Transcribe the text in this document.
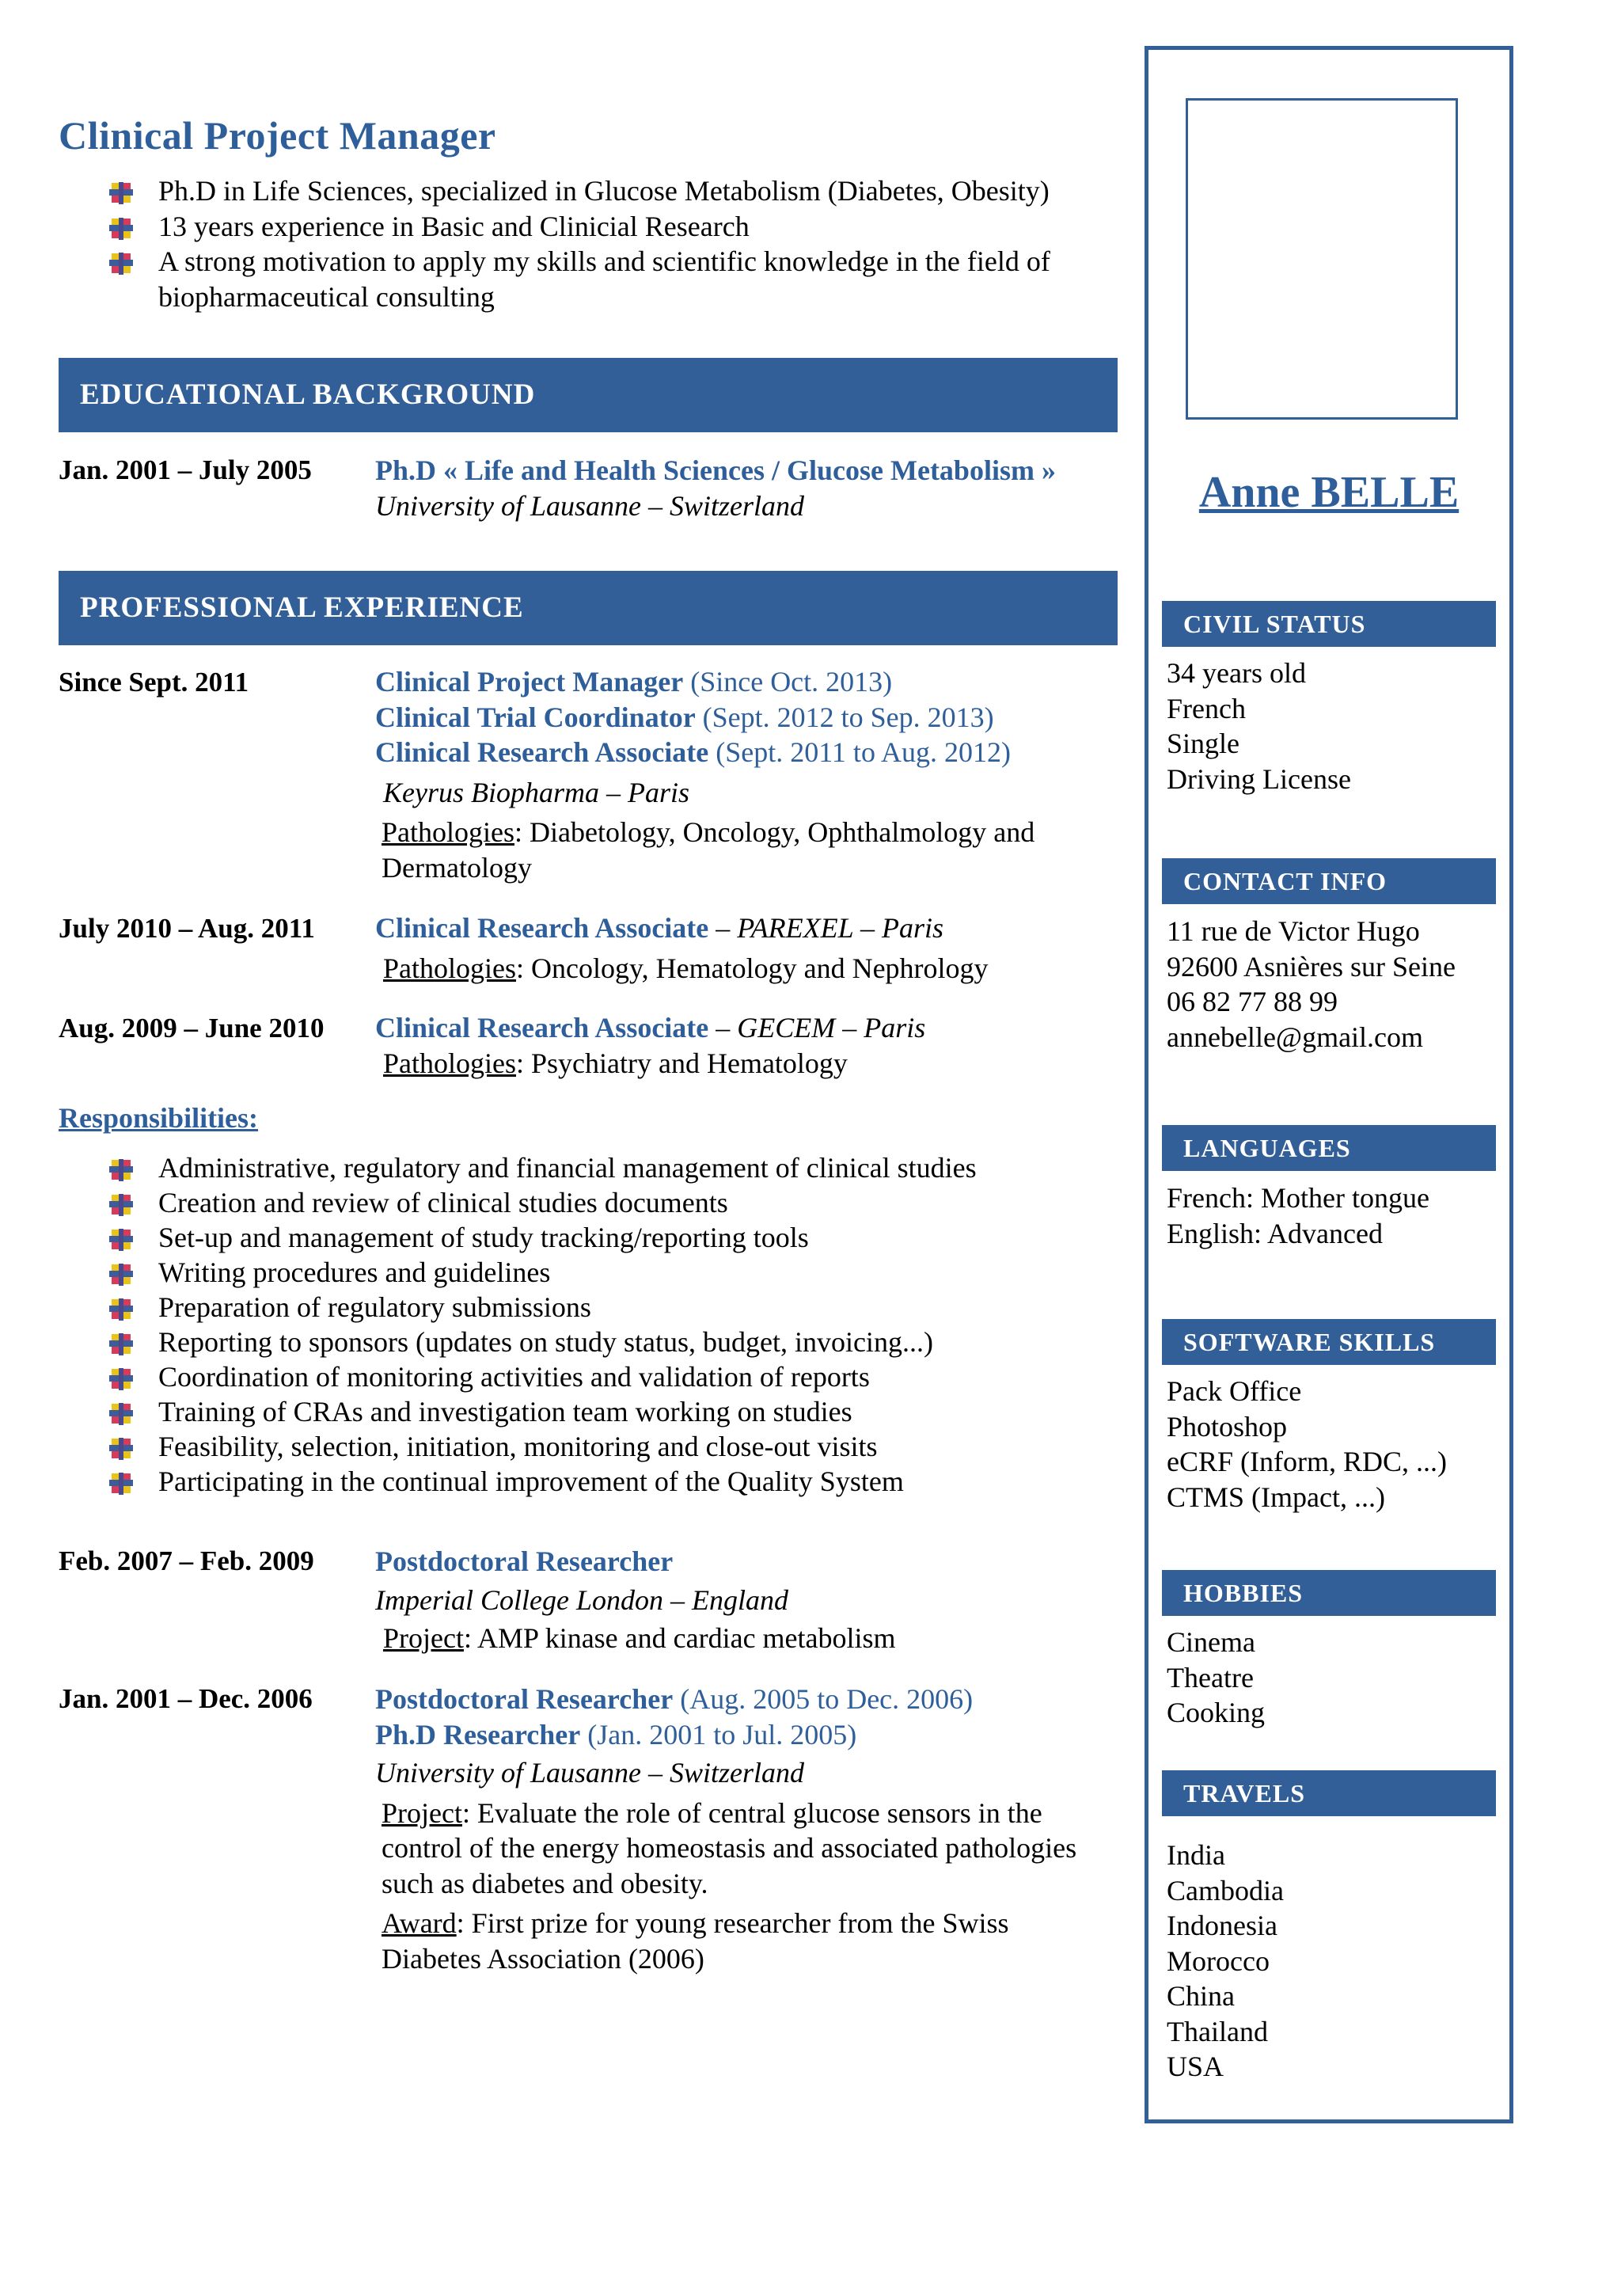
Clinical Project Manager
Ph.D in Life Sciences, specialized in Glucose Metabolism (Diabetes, Obesity)
13 years experience in Basic and Clinicial Research
A strong motivation to apply my skills and scientific knowledge in the field of biopharmaceutical consulting
EDUCATIONAL BACKGROUND
Jan. 2001 – July 2005 Ph.D « Life and Health Sciences / Glucose Metabolism »
University of Lausanne – Switzerland
PROFESSIONAL EXPERIENCE
Since Sept. 2011	Clinical Project Manager (Since Oct. 2013)
Clinical Trial Coordinator (Sept. 2012 to Sep. 2013)
Clinical Research Associate (Sept. 2011 to Aug. 2012)
Keyrus Biopharma – Paris
Pathologies: Diabetology, Oncology, Ophthalmology and Dermatology
July 2010 – Aug. 2011 Clinical Research Associate – PAREXEL – Paris
Pathologies: Oncology, Hematology and Nephrology
Aug. 2009 – June 2010 Clinical Research Associate – GECEM – Paris
Pathologies: Psychiatry and Hematology
Responsibilities:
Administrative, regulatory and financial management of clinical studies
Creation and review of clinical studies documents
Set-up and management of study tracking/reporting tools
Writing procedures and guidelines
Preparation of regulatory submissions
Reporting to sponsors (updates on study status, budget, invoicing...)
Coordination of monitoring activities and validation of reports
Training of CRAs and investigation team working on studies
Feasibility, selection, initiation, monitoring and close-out visits
Participating in the continual improvement of the Quality System
Feb. 2007 – Feb. 2009 Postdoctoral Researcher
Imperial College London – England
Project: AMP kinase and cardiac metabolism
Jan. 2001 – Dec. 2006 Postdoctoral Researcher (Aug. 2005 to Dec. 2006)
Ph.D Researcher (Jan. 2001 to Jul. 2005)
University of Lausanne – Switzerland
Project: Evaluate the role of central glucose sensors in the control of the energy homeostasis and associated pathologies such as diabetes and obesity.
Award: First prize for young researcher from the Swiss Diabetes Association (2006)
Anne BELLE
CIVIL STATUS
34 years old
French
Single
Driving License
CONTACT INFO
11 rue de Victor Hugo
92600 Asnières sur Seine
06 82 77 88 99
annebelle@gmail.com
LANGUAGES
French: Mother tongue
English: Advanced
SOFTWARE SKILLS
Pack Office
Photoshop
eCRF (Inform, RDC, ...)
CTMS (Impact, ...)
HOBBIES
Cinema
Theatre
Cooking
TRAVELS
India
Cambodia
Indonesia
Morocco
China
Thailand
USA
